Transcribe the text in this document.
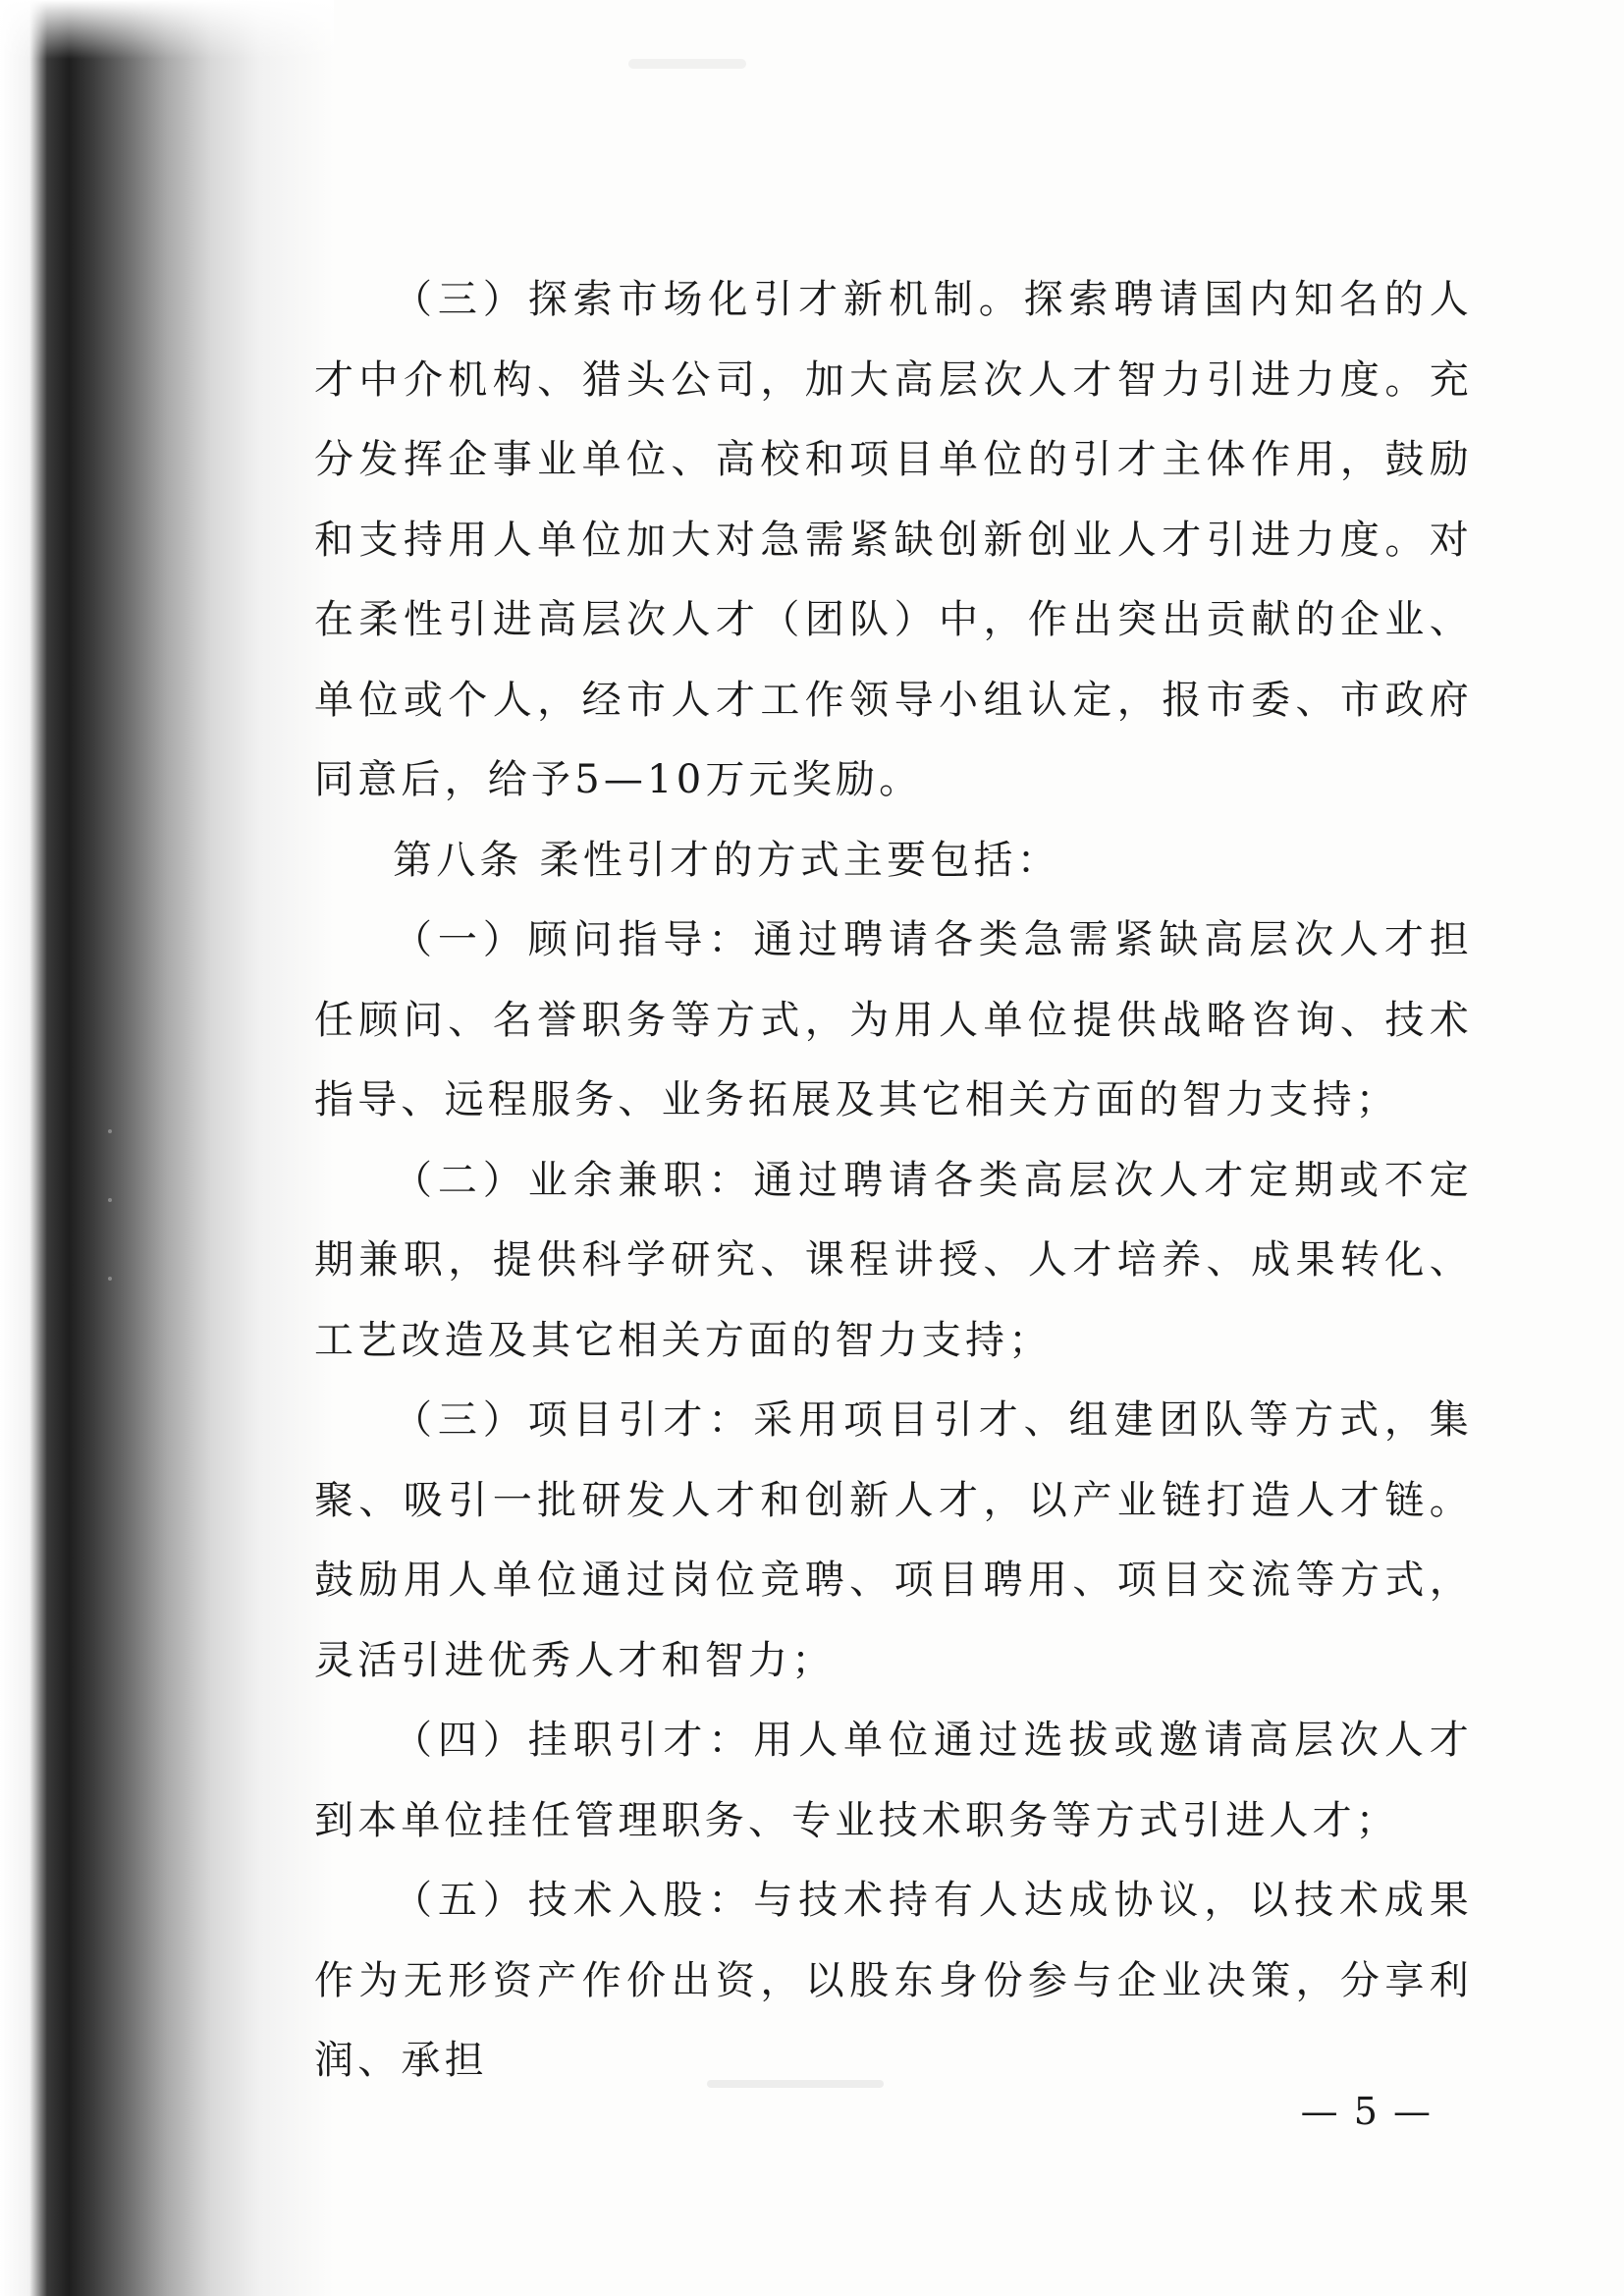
（三）探索市场化引才新机制。探索聘请国内知名的人才中介机构、猎头公司，加大高层次人才智力引进力度。充分发挥企事业单位、高校和项目单位的引才主体作用，鼓励和支持用人单位加大对急需紧缺创新创业人才引进力度。对在柔性引进高层次人才（团队）中，作出突出贡献的企业、单位或个人，经市人才工作领导小组认定，报市委、市政府同意后，给予5—10万元奖励。

第八条 柔性引才的方式主要包括：

（一）顾问指导：通过聘请各类急需紧缺高层次人才担任顾问、名誉职务等方式，为用人单位提供战略咨询、技术指导、远程服务、业务拓展及其它相关方面的智力支持；

（二）业余兼职：通过聘请各类高层次人才定期或不定期兼职，提供科学研究、课程讲授、人才培养、成果转化、工艺改造及其它相关方面的智力支持；

（三）项目引才：采用项目引才、组建团队等方式，集聚、吸引一批研发人才和创新人才，以产业链打造人才链。鼓励用人单位通过岗位竞聘、项目聘用、项目交流等方式，灵活引进优秀人才和智力；

（四）挂职引才：用人单位通过选拔或邀请高层次人才到本单位挂任管理职务、专业技术职务等方式引进人才；

（五）技术入股：与技术持有人达成协议，以技术成果作为无形资产作价出资，以股东身份参与企业决策，分享利润、承担

— 5 —
